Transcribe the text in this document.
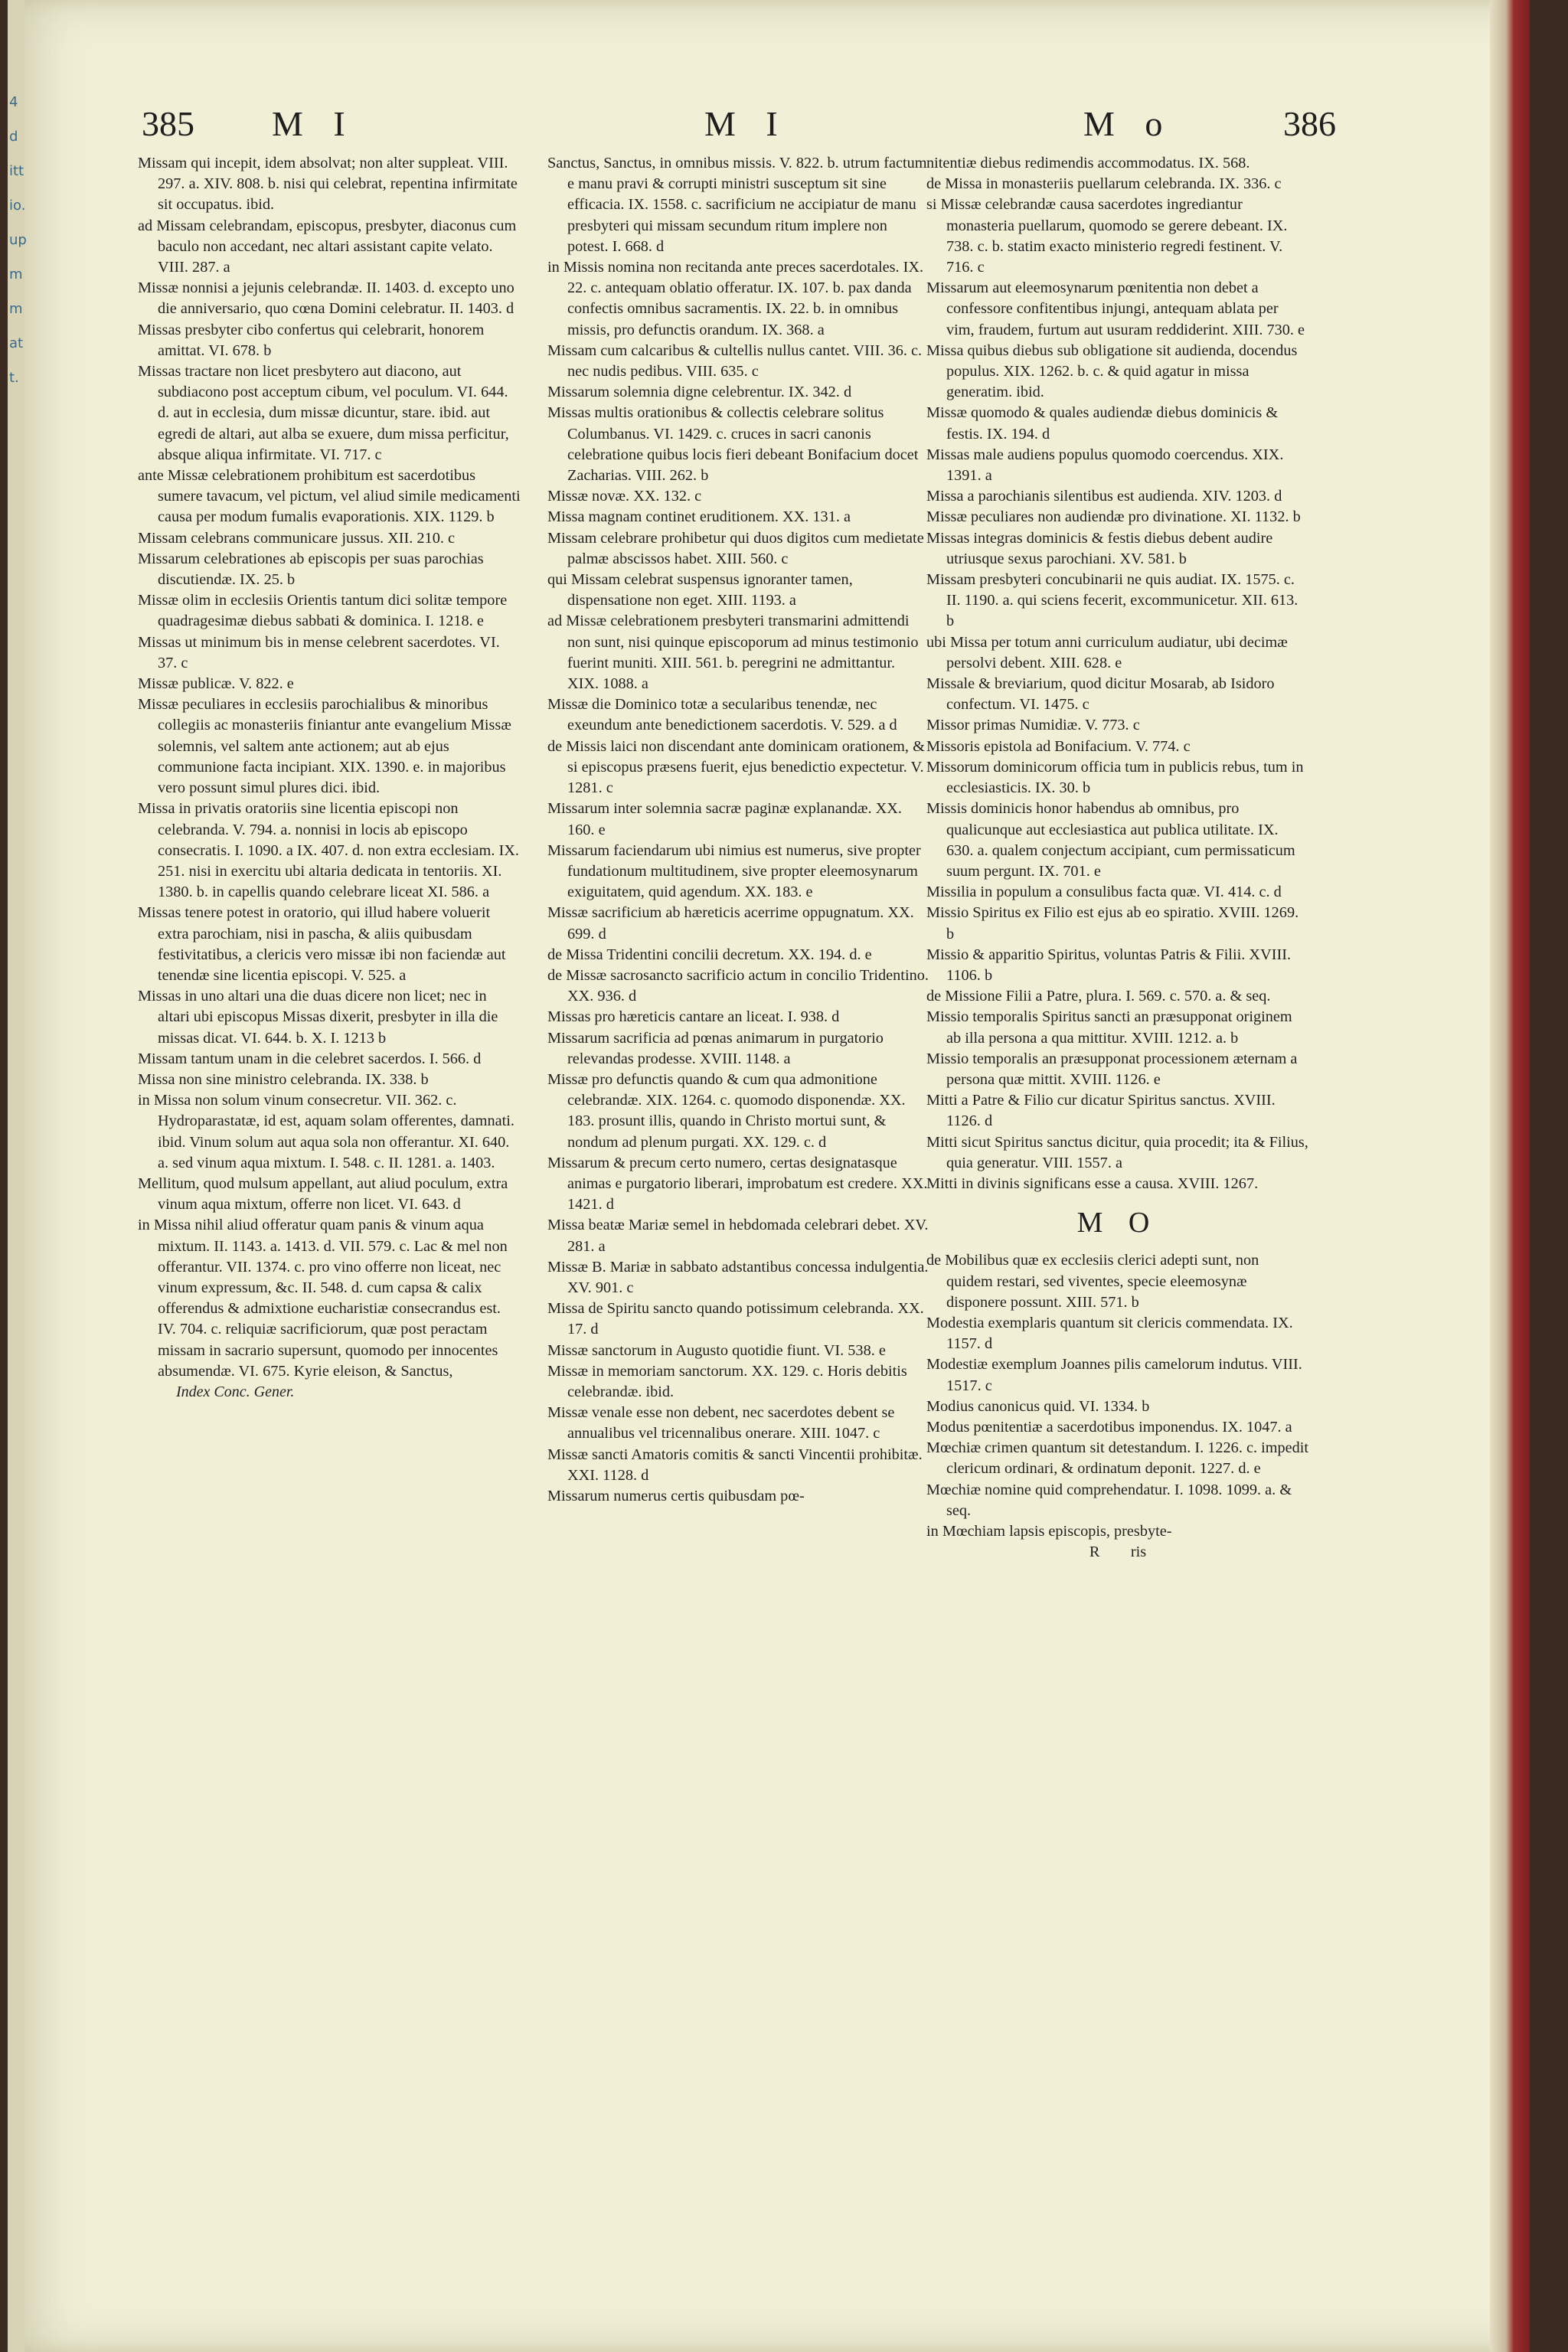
4
d
itt
io.
up
m
m
at
t.
385 M I	M I	M o	386
Missam qui incepit, idem absolvat; non alter suppleat. VIII. 297. a. XIV. 808. b. nisi qui celebrat, repentina infirmitate sit occupatus. ibid.
ad Missam celebrandam, episcopus, presbyter, diaconus cum baculo non accedant, nec altari assistant capite velato. VIII. 287. a
Missæ nonnisi a jejunis celebrandæ. II. 1403. d. excepto uno die anniversario, quo cœna Domini celebratur. II. 1403. d
Missas presbyter cibo confertus qui celebrarit, honorem amittat. VI. 678. b
Missas tractare non licet presbytero aut diacono, aut subdiacono post acceptum cibum, vel poculum. VI. 644. d. aut in ecclesia, dum missæ dicuntur, stare. ibid. aut egredi de altari, aut alba se exuere, dum missa perficitur, absque aliqua infirmitate. VI. 717. c
ante Missæ celebrationem prohibitum est sacerdotibus sumere tavacum, vel pictum, vel aliud simile medicamenti causa per modum fumalis evaporationis. XIX. 1129. b
Missam celebrans communicare jussus. XII. 210. c
Missarum celebrationes ab episcopis per suas parochias discutiendæ. IX. 25. b
Missæ olim in ecclesiis Orientis tantum dici solitæ tempore quadragesimæ diebus sabbati & dominica. I. 1218. e
Missas ut minimum bis in mense celebrent sacerdotes. VI. 37. c
Missæ publicæ. V. 822. e
Missæ peculiares in ecclesiis parochialibus & minoribus collegiis ac monasteriis finiantur ante evangelium Missæ solemnis, vel saltem ante actionem; aut ab ejus communione facta incipiant. XIX. 1390. e. in majoribus vero possunt simul plures dici. ibid.
Missa in privatis oratoriis sine licentia episcopi non celebranda. V. 794. a. nonnisi in locis ab episcopo consecratis. I. 1090. a IX. 407. d. non extra ecclesiam. IX. 251. nisi in exercitu ubi altaria dedicata in tentoriis. XI. 1380. b. in capellis quando celebrare liceat XI. 586. a
Missas tenere potest in oratorio, qui illud habere voluerit extra parochiam, nisi in pascha, & aliis quibusdam festivitatibus, a clericis vero missæ ibi non faciendæ aut tenendæ sine licentia episcopi. V. 525. a
Missas in uno altari una die duas dicere non licet; nec in altari ubi episcopus Missas dixerit, presbyter in illa die missas dicat. VI. 644. b. X. I. 1213 b
Missam tantum unam in die celebret sacerdos. I. 566. d
Missa non sine ministro celebranda. IX. 338. b
in Missa non solum vinum consecretur. VII. 362. c. Hydroparastatæ, id est, aquam solam offerentes, damnati. ibid. Vinum solum aut aqua sola non offerantur. XI. 640. a. sed vinum aqua mixtum. I. 548. c. II. 1281. a. 1403.
Mellitum, quod mulsum appellant, aut aliud poculum, extra vinum aqua mixtum, offerre non licet. VI. 643. d
in Missa nihil aliud offeratur quam panis & vinum aqua mixtum. II. 1143. a. 1413. d. VII. 579. c. Lac & mel non offerantur. VII. 1374. c. pro vino offerre non liceat, nec vinum expressum, &c. II. 548. d. cum capsa & calix offerendus & admixtione eucharistiæ consecrandus est. IV. 704. c. reliquiæ sacrificiorum, quæ post peractam missam in sacrario supersunt, quomodo per innocentes absumendæ. VI. 675. Kyrie eleison, & Sanctus,
Index Conc. Gener.
Sanctus, Sanctus, in omnibus missis. V. 822. b. utrum factum e manu pravi & corrupti ministri susceptum sit sine efficacia. IX. 1558. c. sacrificium ne accipiatur de manu presbyteri qui missam secundum ritum implere non potest. I. 668. d
in Missis nomina non recitanda ante preces sacerdotales. IX. 22. c. antequam oblatio offeratur. IX. 107. b. pax danda confectis omnibus sacramentis. IX. 22. b. in omnibus missis, pro defunctis orandum. IX. 368. a
Missam cum calcaribus & cultellis nullus cantet. VIII. 36. c. nec nudis pedibus. VIII. 635. c
Missarum solemnia digne celebrentur. IX. 342. d
Missas multis orationibus & collectis celebrare solitus Columbanus. VI. 1429. c. cruces in sacri canonis celebratione quibus locis fieri debeant Bonifacium docet Zacharias. VIII. 262. b
Missæ novæ. XX. 132. c
Missa magnam continet eruditionem. XX. 131. a
Missam celebrare prohibetur qui duos digitos cum medietate palmæ abscissos habet. XIII. 560. c
qui Missam celebrat suspensus ignoranter tamen, dispensatione non eget. XIII. 1193. a
ad Missæ celebrationem presbyteri transmarini admittendi non sunt, nisi quinque episcoporum ad minus testimonio fuerint muniti. XIII. 561. b. peregrini ne admittantur. XIX. 1088. a
Missæ die Dominico totæ a secularibus tenendæ, nec exeundum ante benedictionem sacerdotis. V. 529. a d
de Missis laici non discendant ante dominicam orationem, & si episcopus præsens fuerit, ejus benedictio expectetur. V. 1281. c
Missarum inter solemnia sacræ paginæ explanandæ. XX. 160. e
Missarum faciendarum ubi nimius est numerus, sive propter fundationum multitudinem, sive propter eleemosynarum exiguitatem, quid agendum. XX. 183. e
Missæ sacrificium ab hæreticis acerrime oppugnatum. XX. 699. d
de Missa Tridentini concilii decretum. XX. 194. d. e
de Missæ sacrosancto sacrificio actum in concilio Tridentino. XX. 936. d
Missas pro hæreticis cantare an liceat. I. 938. d
Missarum sacrificia ad pœnas animarum in purgatorio relevandas prodesse. XVIII. 1148. a
Missæ pro defunctis quando & cum qua admonitione celebrandæ. XIX. 1264. c. quomodo disponendæ. XX. 183. prosunt illis, quando in Christo mortui sunt, & nondum ad plenum purgati. XX. 129. c. d
Missarum & precum certo numero, certas designatasque animas e purgatorio liberari, improbatum est credere. XX. 1421. d
Missa beatæ Mariæ semel in hebdomada celebrari debet. XV. 281. a
Missæ B. Mariæ in sabbato adstantibus concessa indulgentia. XV. 901. c
Missa de Spiritu sancto quando potissimum celebranda. XX. 17. d
Missæ sanctorum in Augusto quotidie fiunt. VI. 538. e
Missæ in memoriam sanctorum. XX. 129. c. Horis debitis celebrandæ. ibid.
Missæ venale esse non debent, nec sacerdotes debent se annualibus vel tricennalibus onerare. XIII. 1047. c
Missæ sancti Amatoris comitis & sancti Vincentii prohibitæ. XXI. 1128. d
Missarum numerus certis quibusdam pœ-
nitentiæ diebus redimendis accommodatus. IX. 568.
de Missa in monasteriis puellarum celebranda. IX. 336. c
si Missæ celebrandæ causa sacerdotes ingrediantur monasteria puellarum, quomodo se gerere debeant. IX. 738. c. b. statim exacto ministerio regredi festinent. V. 716. c
Missarum aut eleemosynarum pœnitentia non debet a confessore confitentibus injungi, antequam ablata per vim, fraudem, furtum aut usuram reddiderint. XIII. 730. e
Missa quibus diebus sub obligatione sit audienda, docendus populus. XIX. 1262. b. c. & quid agatur in missa generatim. ibid.
Missæ quomodo & quales audiendæ diebus dominicis & festis. IX. 194. d
Missas male audiens populus quomodo coercendus. XIX. 1391. a
Missa a parochianis silentibus est audienda. XIV. 1203. d
Missæ peculiares non audiendæ pro divinatione. XI. 1132. b
Missas integras dominicis & festis diebus debent audire utriusque sexus parochiani. XV. 581. b
Missam presbyteri concubinarii ne quis audiat. IX. 1575. c. II. 1190. a. qui sciens fecerit, excommunicetur. XII. 613. b
ubi Missa per totum anni curriculum audiatur, ubi decimæ persolvi debent. XIII. 628. e
Missale & breviarium, quod dicitur Mosarab, ab Isidoro confectum. VI. 1475. c
Missor primas Numidiæ. V. 773. c
Missoris epistola ad Bonifacium. V. 774. c
Missorum dominicorum officia tum in publicis rebus, tum in ecclesiasticis. IX. 30. b
Missis dominicis honor habendus ab omnibus, pro qualicunque aut ecclesiastica aut publica utilitate. IX. 630. a. qualem conjectum accipiant, cum permissaticum suum pergunt. IX. 701. e
Missilia in populum a consulibus facta quæ. VI. 414. c. d
Missio Spiritus ex Filio est ejus ab eo spiratio. XVIII. 1269. b
Missio & apparitio Spiritus, voluntas Patris & Filii. XVIII. 1106. b
de Missione Filii a Patre, plura. I. 569. c. 570. a. & seq.
Missio temporalis Spiritus sancti an præsupponat originem ab illa persona a qua mittitur. XVIII. 1212. a. b
Missio temporalis an præsupponat processionem æternam a persona quæ mittit. XVIII. 1126. e
Mitti a Patre & Filio cur dicatur Spiritus sanctus. XVIII. 1126. d
Mitti sicut Spiritus sanctus dicitur, quia procedit; ita & Filius, quia generatur. VIII. 1557. a
Mitti in divinis significans esse a causa. XVIII. 1267.
M O
de Mobilibus quæ ex ecclesiis clerici adepti sunt, non quidem restari, sed viventes, specie eleemosynæ disponere possunt. XIII. 571. b
Modestia exemplaris quantum sit clericis commendata. IX. 1157. d
Modestiæ exemplum Joannes pilis camelorum indutus. VIII. 1517. c
Modius canonicus quid. VI. 1334. b
Modus pœnitentiæ a sacerdotibus imponendus. IX. 1047. a
Mœchiæ crimen quantum sit detestandum. I. 1226. c. impedit clericum ordinari, & ordinatum deponit. 1227. d. e
Mœchiæ nomine quid comprehendatur. I. 1098. 1099. a. & seq.
in Mœchiam lapsis episcopis, presbyte-
R        ris
